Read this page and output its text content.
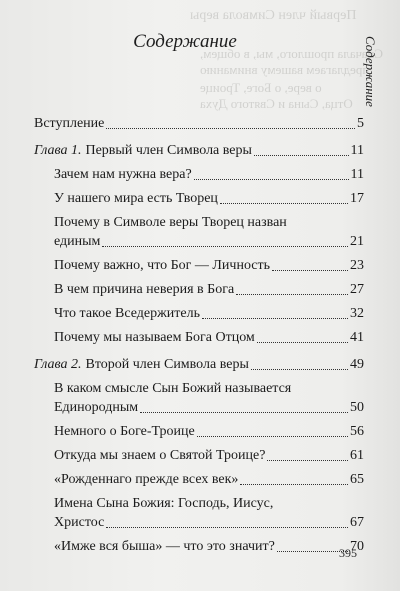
Первый член Символа веры
Сначала прошлого, мы, в общем,
предлагаем вашему вниманию
о вере, о Боге, Троице
Отца, Сына и Святого Духа
Содержание	Содержание
Вступление	5
Глава 1. Первый член Символа веры	11
Зачем нам нужна вера?	11
У нашего мира есть Творец	17
Почему в Символе веры Творец назван
единым	21
Почему важно, что Бог — Личность	23
В чем причина неверия в Бога	27
Что такое Вседержитель	32
Почему мы называем Бога Отцом	41
Глава 2. Второй член Символа веры	49
В каком смысле Сын Божий называется
Единородным	50
Немного о Боге-Троице	56
Откуда мы знаем о Святой Троице?	61
«Рожденнаго прежде всех век»	65
Имена Сына Божия: Господь, Иисус,
Христос	67
«Имже вся быша» — что это значит?	70
395
